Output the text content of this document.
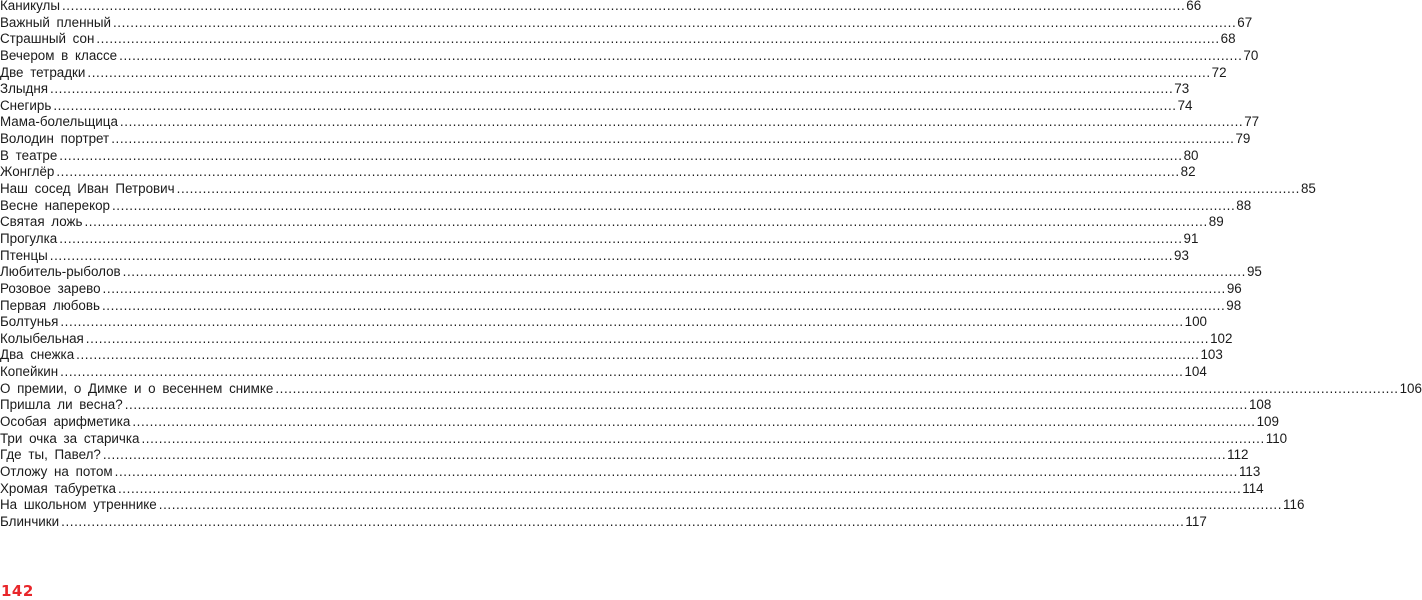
Каникулы .................................................................................................................................................................................................................................................................... 66
Важный пленный .................................................................................................................................................................................................................................................................... 67
Страшный сон .................................................................................................................................................................................................................................................................... 68
Вечером в классе .................................................................................................................................................................................................................................................................... 70
Две тетрадки .................................................................................................................................................................................................................................................................... 72
Злыдня .................................................................................................................................................................................................................................................................... 73
Снегирь .................................................................................................................................................................................................................................................................... 74
Мама-болельщица .................................................................................................................................................................................................................................................................... 77
Володин портрет .................................................................................................................................................................................................................................................................... 79
В театре .................................................................................................................................................................................................................................................................... 80
Жонглёр .................................................................................................................................................................................................................................................................... 82
Наш сосед Иван Петрович .................................................................................................................................................................................................................................................................... 85
Весне наперекор .................................................................................................................................................................................................................................................................... 88
Святая ложь .................................................................................................................................................................................................................................................................... 89
Прогулка .................................................................................................................................................................................................................................................................... 91
Птенцы .................................................................................................................................................................................................................................................................... 93
Любитель-рыболов .................................................................................................................................................................................................................................................................... 95
Розовое зарево .................................................................................................................................................................................................................................................................... 96
Первая любовь .................................................................................................................................................................................................................................................................... 98
Болтунья .................................................................................................................................................................................................................................................................... 100
Колыбельная .................................................................................................................................................................................................................................................................... 102
Два снежка .................................................................................................................................................................................................................................................................... 103
Копейкин .................................................................................................................................................................................................................................................................... 104
О премии, о Димке и о весеннем снимке .................................................................................................................................................................................................................................................................... 106
Пришла ли весна? .................................................................................................................................................................................................................................................................... 108
Особая арифметика .................................................................................................................................................................................................................................................................... 109
Три очка за старичка .................................................................................................................................................................................................................................................................... 110
Где ты, Павел? .................................................................................................................................................................................................................................................................... 112
Отложу на потом .................................................................................................................................................................................................................................................................... 113
Хромая табуретка .................................................................................................................................................................................................................................................................... 114
На школьном утреннике .................................................................................................................................................................................................................................................................... 116
Блинчики .................................................................................................................................................................................................................................................................... 117
142
